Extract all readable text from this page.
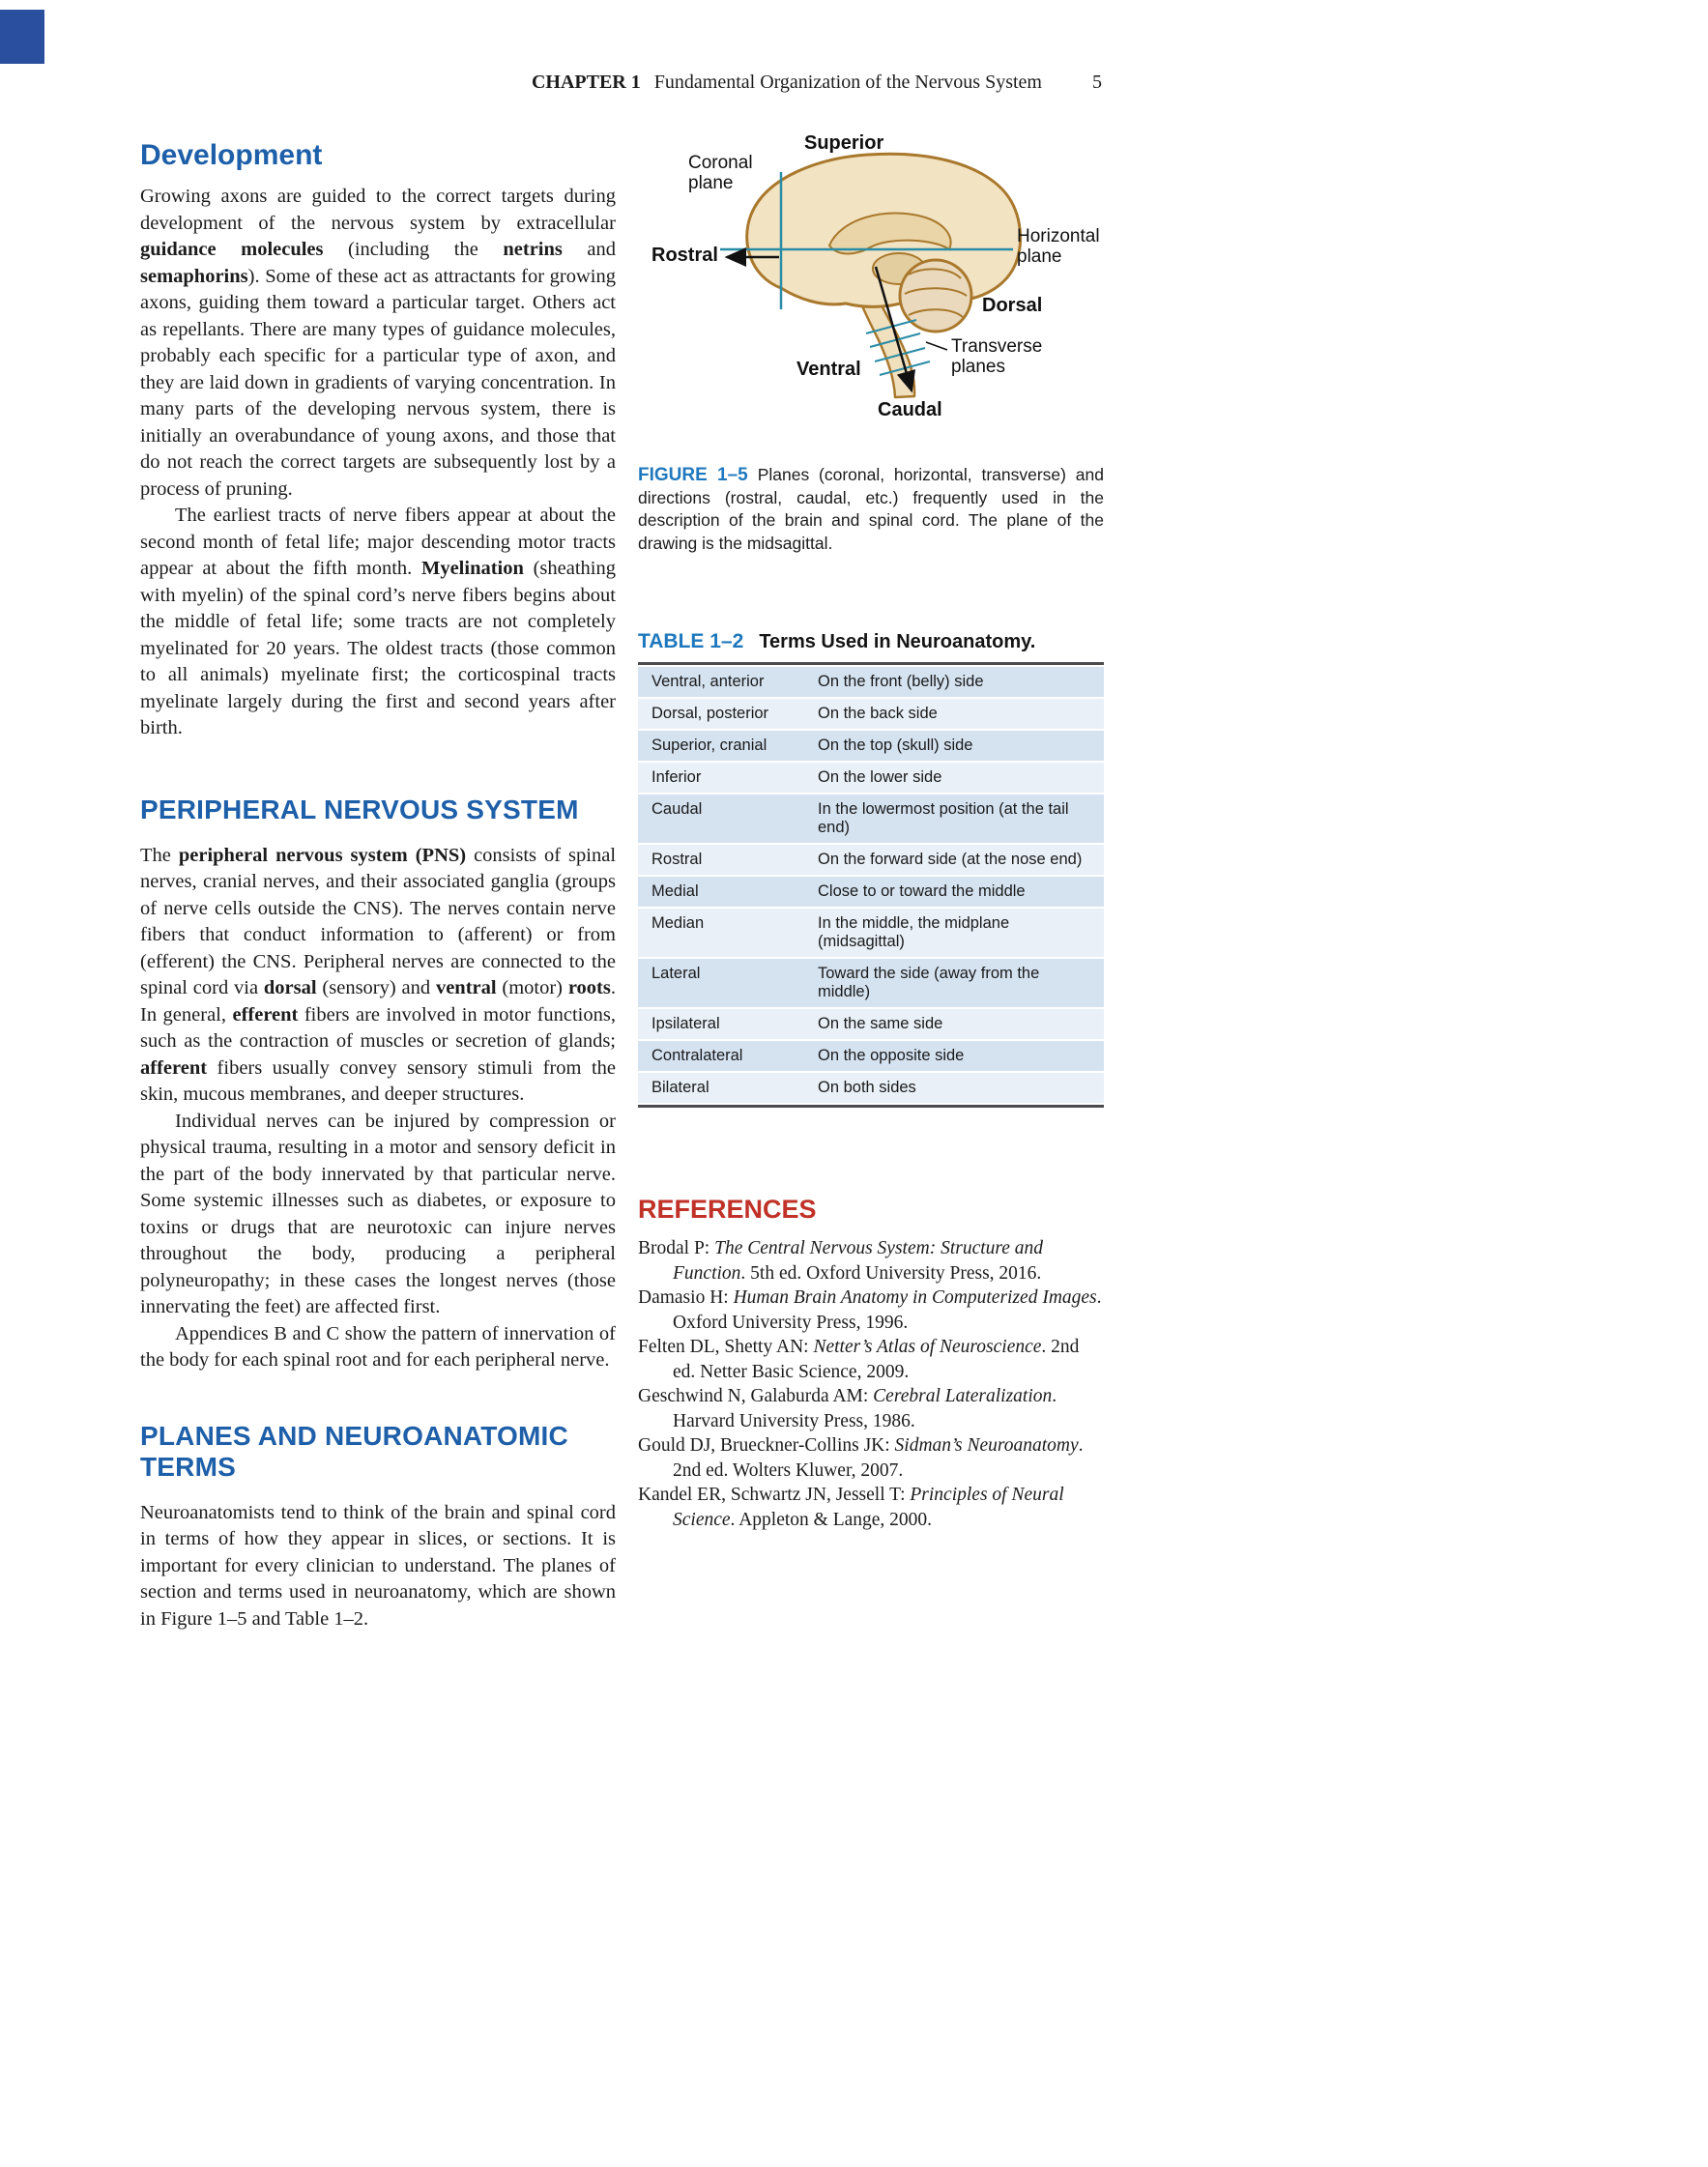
CHAPTER 1 Fundamental Organization of the Nervous System	5
Development

Growing axons are guided to the correct targets during development of the nervous system by extracellular guidance molecules (including the netrins and semaphorins). Some of these act as attractants for growing axons, guiding them toward a particular target. Others act as repellants. There are many types of guidance molecules, probably each specific for a particular type of axon, and they are laid down in gradients of varying concentration. In many parts of the developing nervous system, there is initially an overabundance of young axons, and those that do not reach the correct targets are subsequently lost by a process of pruning.

The earliest tracts of nerve fibers appear at about the second month of fetal life; major descending motor tracts appear at about the fifth month. Myelination (sheathing with myelin) of the spinal cord’s nerve fibers begins about the middle of fetal life; some tracts are not completely myelinated for 20 years. The oldest tracts (those common to all animals) myelinate first; the corticospinal tracts myelinate largely during the first and second years after birth.

PERIPHERAL NERVOUS SYSTEM

The peripheral nervous system (PNS) consists of spinal nerves, cranial nerves, and their associated ganglia (groups of nerve cells outside the CNS). The nerves contain nerve fibers that conduct information to (afferent) or from (efferent) the CNS. Peripheral nerves are connected to the spinal cord via dorsal (sensory) and ventral (motor) roots. In general, efferent fibers are involved in motor functions, such as the contraction of muscles or secretion of glands; afferent fibers usually convey sensory stimuli from the skin, mucous membranes, and deeper structures.

Individual nerves can be injured by compression or physical trauma, resulting in a motor and sensory deficit in the part of the body innervated by that particular nerve. Some systemic illnesses such as diabetes, or exposure to toxins or drugs that are neurotoxic can injure nerves throughout the body, producing a peripheral polyneuropathy; in these cases the longest nerves (those innervating the feet) are affected first.

Appendices B and C show the pattern of innervation of the body for each spinal root and for each peripheral nerve.

PLANES AND NEUROANATOMIC TERMS

Neuroanatomists tend to think of the brain and spinal cord in terms of how they appear in slices, or sections. It is important for every clinician to understand. The planes of section and terms used in neuroanatomy, which are shown in Figure 1–5 and Table 1–2.

Superior
Coronal plane
Horizontal plane
Rostral
Dorsal
Ventral
Transverse planes
Caudal

FIGURE 1–5 Planes (coronal, horizontal, transverse) and directions (rostral, caudal, etc.) frequently used in the description of the brain and spinal cord. The plane of the drawing is the midsagittal.

TABLE 1–2 Terms Used in Neuroanatomy.
Ventral, anterior	On the front (belly) side
Dorsal, posterior	On the back side
Superior, cranial	On the top (skull) side
Inferior	On the lower side
Caudal	In the lowermost position (at the tail end)
Rostral	On the forward side (at the nose end)
Medial	Close to or toward the middle
Median	In the middle, the midplane (midsagittal)
Lateral	Toward the side (away from the middle)
Ipsilateral	On the same side
Contralateral	On the opposite side
Bilateral	On both sides
REFERENCES

Brodal P: The Central Nervous System: Structure and Function. 5th ed. Oxford University Press, 2016.

Damasio H: Human Brain Anatomy in Computerized Images. Oxford University Press, 1996.

Felten DL, Shetty AN: Netter’s Atlas of Neuroscience. 2nd ed. Netter Basic Science, 2009.

Geschwind N, Galaburda AM: Cerebral Lateralization. Harvard University Press, 1986.

Gould DJ, Brueckner-Collins JK: Sidman’s Neuroanatomy. 2nd ed. Wolters Kluwer, 2007.

Kandel ER, Schwartz JN, Jessell T: Principles of Neural Science. Appleton & Lange, 2000.
